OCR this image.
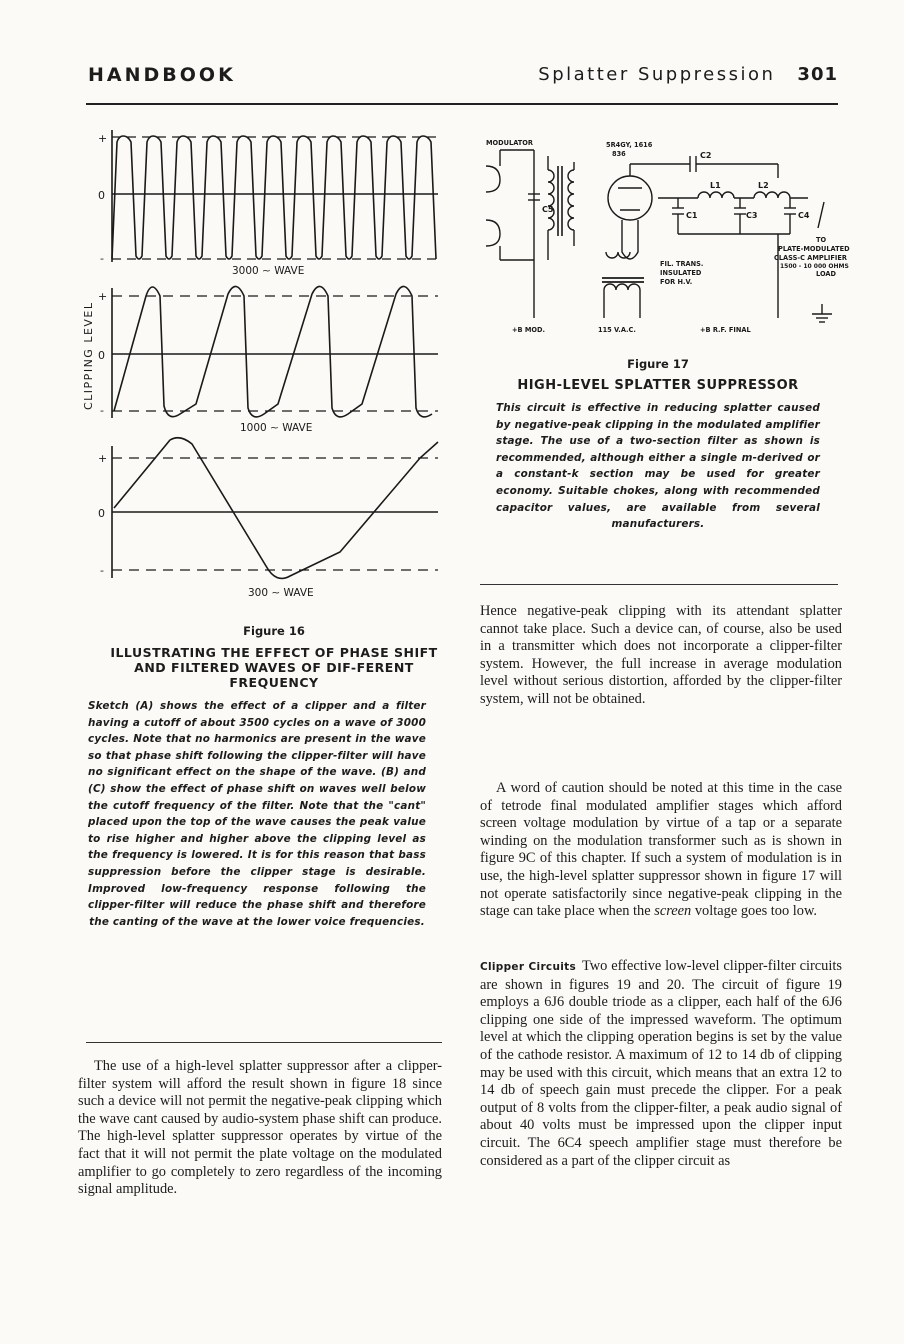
HANDBOOK	Splatter Suppression 301
+
0
-
3000 ∼ WAVE
+
0
-
1000 ∼ WAVE
+
0
-
300 ∼ WAVE
CLIPPING LEVEL
Figure 16
ILLUSTRATING THE EFFECT OF PHASE SHIFT AND FILTERED WAVES OF DIF-FERENT FREQUENCY
Sketch (A) shows the effect of a clipper and a filter having a cutoff of about 3500 cycles on a wave of 3000 cycles. Note that no harmonics are present in the wave so that phase shift following the clipper-filter will have no significant effect on the shape of the wave. (B) and (C) show the effect of phase shift on waves well below the cutoff frequency of the filter. Note that the "cant" placed upon the top of the wave causes the peak value to rise higher and higher above the clipping level as the frequency is lowered. It is for this reason that bass suppression before the clipper stage is desirable. Improved low-frequency response following the clipper-filter will reduce the phase shift and therefore the canting of the wave at the lower voice frequencies.

The use of a high-level splatter suppressor after a clipper-filter system will afford the result shown in figure 18 since such a device will not permit the negative-peak clipping which the wave cant caused by audio-system phase shift can produce. The high-level splatter suppressor operates by virtue of the fact that it will not permit the plate voltage on the modulated amplifier to go completely to zero regardless of the incoming signal amplitude.

MODULATOR	5R4GY, 1616
836	C2
L1	L2
C5
C1	C3	C4
TO
PLATE-MODULATED
CLASS-C AMPLIFIER
1500 - 10 000 OHMS
LOAD
FIL. TRANS.
INSULATED
FOR H.V.
+B MOD.	115 V.A.C.	+B R.F. FINAL
Figure 17
HIGH-LEVEL SPLATTER SUPPRESSOR
This circuit is effective in reducing splatter caused by negative-peak clipping in the modulated amplifier stage. The use of a two-section filter as shown is recommended, although either a single m-derived or a constant-k section may be used for greater economy. Suitable chokes, along with recommended capacitor values, are available from several manufacturers.

Hence negative-peak clipping with its attendant splatter cannot take place. Such a device can, of course, also be used in a transmitter which does not incorporate a clipper-filter system. However, the full increase in average modulation level without serious distortion, afforded by the clipper-filter system, will not be obtained.

A word of caution should be noted at this time in the case of tetrode final modulated amplifier stages which afford screen voltage modulation by virtue of a tap or a separate winding on the modulation transformer such as is shown in figure 9C of this chapter. If such a system of modulation is in use, the high-level splatter suppressor shown in figure 17 will not operate satisfactorily since negative-peak clipping in the stage can take place when the screen voltage goes too low.

Clipper Circuits Two effective low-level clipper-filter circuits are shown in figures 19 and 20. The circuit of figure 19 employs a 6J6 double triode as a clipper, each half of the 6J6 clipping one side of the impressed waveform. The optimum level at which the clipping operation begins is set by the value of the cathode resistor. A maximum of 12 to 14 db of clipping may be used with this circuit, which means that an extra 12 to 14 db of speech gain must precede the clipper. For a peak output of 8 volts from the clipper-filter, a peak audio signal of about 40 volts must be impressed upon the clipper input circuit. The 6C4 speech amplifier stage must therefore be considered as a part of the clipper circuit as
